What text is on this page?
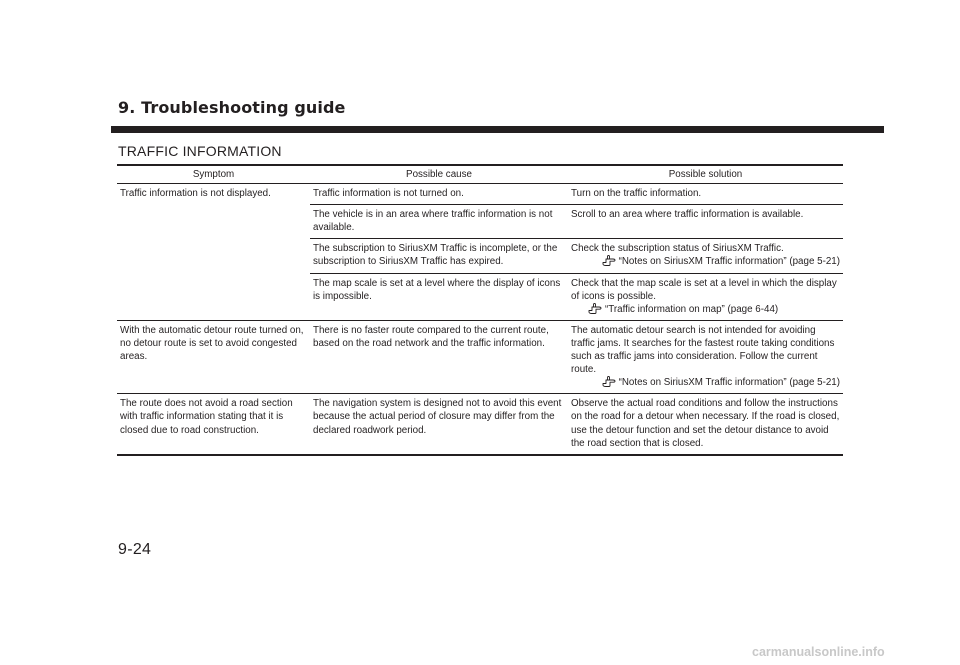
9. Troubleshooting guide
TRAFFIC INFORMATION
Symptom	Possible cause	Possible solution
Traffic information is not displayed.	Traffic information is not turned on.	Turn on the traffic information.
	The vehicle is in an area where traffic information is not available.	Scroll to an area where traffic information is available.
	The subscription to SiriusXM Traffic is incomplete, or the subscription to SiriusXM Traffic has expired.	Check the subscription status of SiriusXM Traffic.
“Notes on SiriusXM Traffic information” (page 5-21)

	The map scale is set at a level where the display of icons is impossible.	Check that the map scale is set at a level in which the display of icons is possible.
“Traffic information on map” (page 6-44)

With the automatic detour route turned on, no detour route is set to avoid congested areas.	There is no faster route compared to the current route, based on the road network and the traffic information.	The automatic detour search is not intended for avoiding traffic jams. It searches for the fastest route taking conditions such as traffic jams into consideration. Follow the current route.
“Notes on SiriusXM Traffic information” (page 5-21)

The route does not avoid a road section with traffic information stating that it is closed due to road construction.	The navigation system is designed not to avoid this event because the actual period of closure may differ from the declared roadwork period.	Observe the actual road conditions and follow the instructions on the road for a detour when necessary. If the road is closed, use the detour function and set the detour distance to avoid the road section that is closed.

9-24

carmanualsonline.info
